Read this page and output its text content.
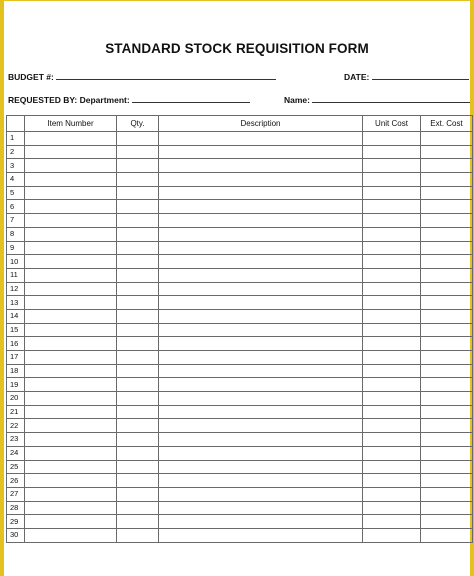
STANDARD STOCK REQUISITION FORM
BUDGET #:	DATE:
REQUESTED BY: Department:	Name:
	Item Number	Qty.	Description	Unit Cost	Ext. Cost
1					
2					
3					
4					
5					
6					
7					
8					
9					
10					
11					
12					
13					
14					
15					
16					
17					
18					
19					
20					
21					
22					
23					
24					
25					
26					
27					
28					
29					
30					
